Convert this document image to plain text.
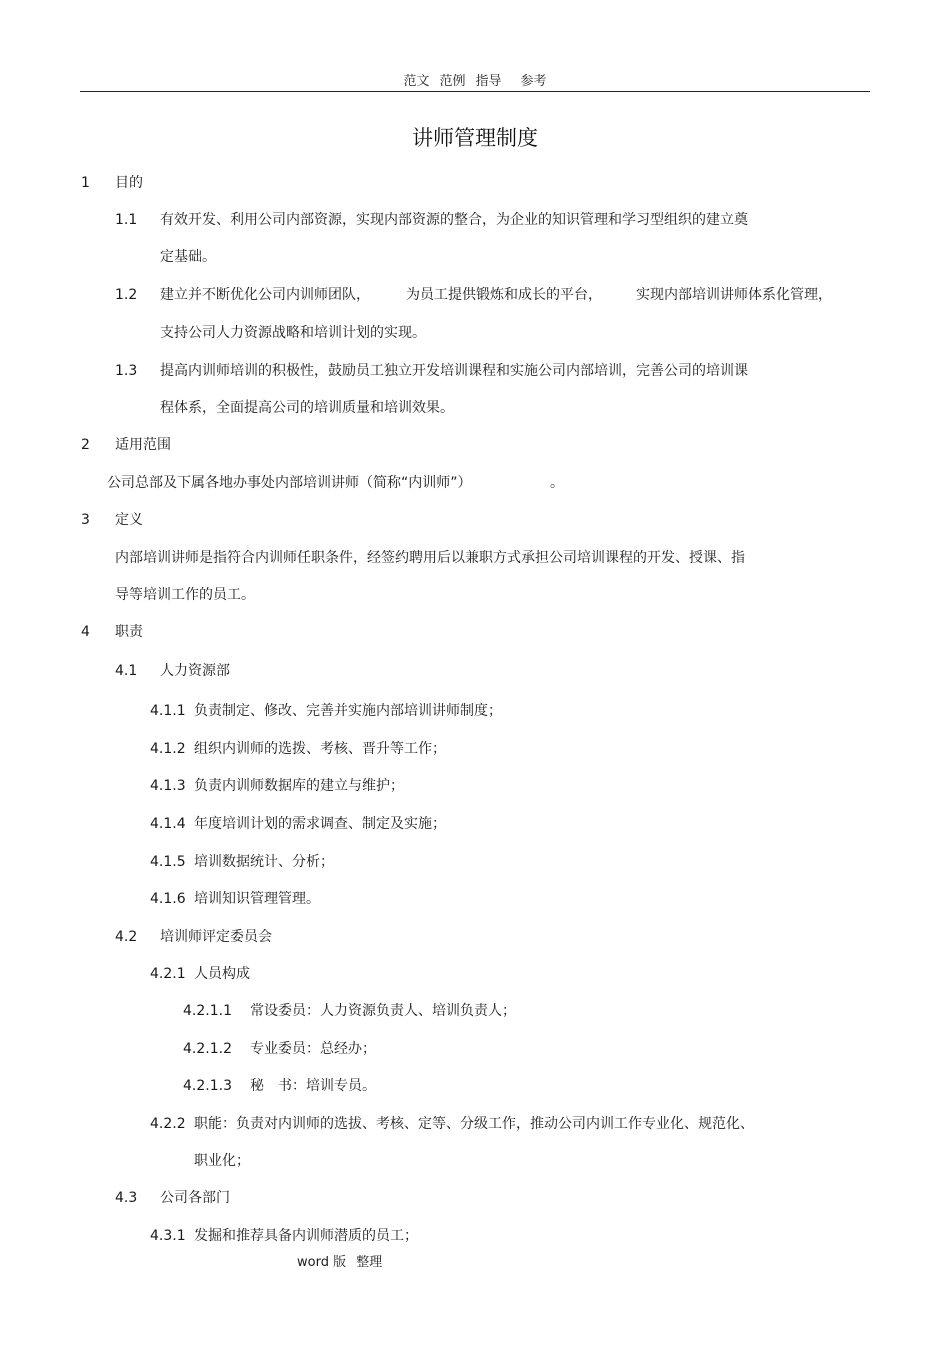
范文 范例 指导 参考
讲师管理制度
1 目的
1.1 有效开发、利用公司内部资源，实现内部资源的整合，为企业的知识管理和学习型组织的建立奠
定基础。
1.2 建立并不断优化公司内训师团队，	为员工提供锻炼和成长的平台， 实现内部培训讲师体系化管理，
支持公司人力资源战略和培训计划的实现。
1.3 提高内训师培训的积极性，鼓励员工独立开发培训课程和实施公司内部培训，完善公司的培训课
程体系，全面提高公司的培训质量和培训效果。
2 适用范围
公司总部及下属各地办事处内部培训讲师（简称“内训师”）	。
3 定义
内部培训讲师是指符合内训师任职条件，经签约聘用后以兼职方式承担公司培训课程的开发、授课、指
导等培训工作的员工。
4 职责
4.1 人力资源部
4.1.1 负责制定、修改、完善并实施内部培训讲师制度；
4.1.2 组织内训师的选拨、考核、晋升等工作；
4.1.3 负责内训师数据库的建立与维护；
4.1.4 年度培训计划的需求调查、制定及实施；
4.1.5 培训数据统计、分析；
4.1.6 培训知识管理管理。
4.2 培训师评定委员会
4.2.1 人员构成
4.2.1.1 常设委员：人力资源负责人、培训负责人；
4.2.1.2 专业委员：总经办；
4.2.1.3 秘　书：培训专员。
4.2.2 职能：负责对内训师的选拔、考核、定等、分级工作，推动公司内训工作专业化、规范化、
职业化；
4.3 公司各部门
4.3.1 发掘和推荐具备内训师潜质的员工；
word 版 整理
